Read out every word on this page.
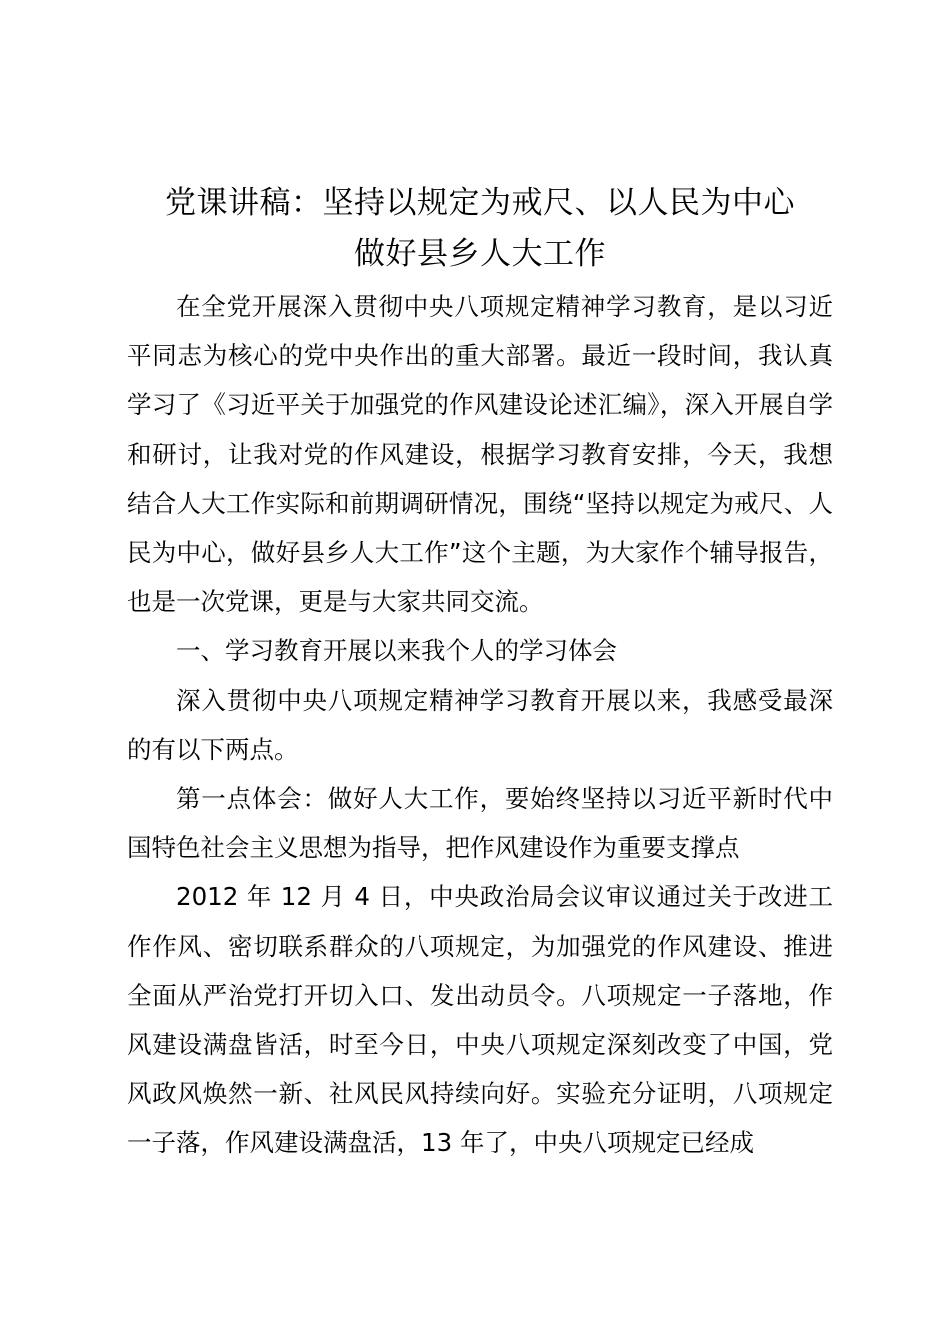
党课讲稿：坚持以规定为戒尺、以人民为中心
做好县乡人大工作

在全党开展深入贯彻中央八项规定精神学习教育，是以习近平同志为核心的党中央作出的重大部署。最近一段时间，我认真学习了《习近平关于加强党的作风建设论述汇编》，深入开展自学和研讨，让我对党的作风建设，根据学习教育安排，今天，我想结合人大工作实际和前期调研情况，围绕“坚持以规定为戒尺、人民为中心，做好县乡人大工作”这个主题，为大家作个辅导报告，也是一次党课，更是与大家共同交流。

一、学习教育开展以来我个人的学习体会

深入贯彻中央八项规定精神学习教育开展以来，我感受最深的有以下两点。

第一点体会：做好人大工作，要始终坚持以习近平新时代中国特色社会主义思想为指导，把作风建设作为重要支撑点

2012 年 12 月 4 日，中央政治局会议审议通过关于改进工作作风、密切联系群众的八项规定，为加强党的作风建设、推进全面从严治党打开切入口、发出动员令。八项规定一子落地，作风建设满盘皆活，时至今日，中央八项规定深刻改变了中国，党风政风焕然一新、社风民风持续向好。实验充分证明，八项规定一子落，作风建设满盘活，13 年了，中央八项规定已经成
